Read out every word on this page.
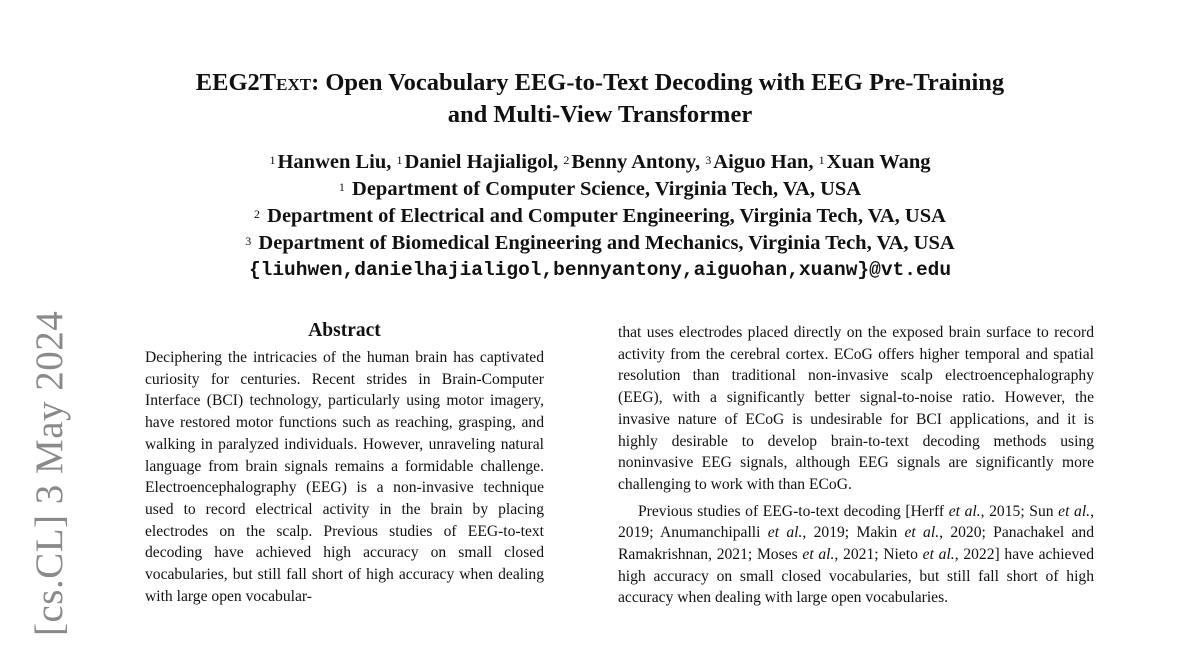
[cs.CL] 3 May 2024
EEG2Text: Open Vocabulary EEG-to-Text Decoding with EEG Pre-Training
and Multi-View Transformer
$^1$Hanwen Liu, $^1$Daniel Hajialigol, $^2$Benny Antony, $^3$Aiguo Han, $^1$Xuan Wang
$^1$ Department of Computer Science, Virginia Tech, VA, USA
$^2$ Department of Electrical and Computer Engineering, Virginia Tech, VA, USA
$^3$ Department of Biomedical Engineering and Mechanics, Virginia Tech, VA, USA
{liuhwen,danielhajialigol,bennyantony,aiguohan,xuanw}@vt.edu
Abstract

Deciphering the intricacies of the human brain has captivated curiosity for centuries. Recent strides in Brain-Computer Interface (BCI) technology, particularly using motor imagery, have restored motor functions such as reaching, grasping, and walking in paralyzed individuals. However, unraveling natural language from brain signals remains a formidable challenge. Electroencephalography (EEG) is a non-invasive technique used to record electrical activity in the brain by placing electrodes on the scalp. Previous studies of EEG-to-text decoding have achieved high accuracy on small closed vocabularies, but still fall short of high accuracy when dealing with large open vocabular-

that uses electrodes placed directly on the exposed brain surface to record activity from the cerebral cortex. ECoG offers higher temporal and spatial resolution than traditional non-invasive scalp electroencephalography (EEG), with a significantly better signal-to-noise ratio. However, the invasive nature of ECoG is undesirable for BCI applications, and it is highly desirable to develop brain-to-text decoding methods using noninvasive EEG signals, although EEG signals are significantly more challenging to work with than ECoG.

Previous studies of EEG-to-text decoding [Herff et al., 2015; Sun et al., 2019; Anumanchipalli et al., 2019; Makin et al., 2020; Panachakel and Ramakrishnan, 2021; Moses et al., 2021; Nieto et al., 2022] have achieved high accuracy on small closed vocabularies, but still fall short of high accuracy when dealing with large open vocabularies.
